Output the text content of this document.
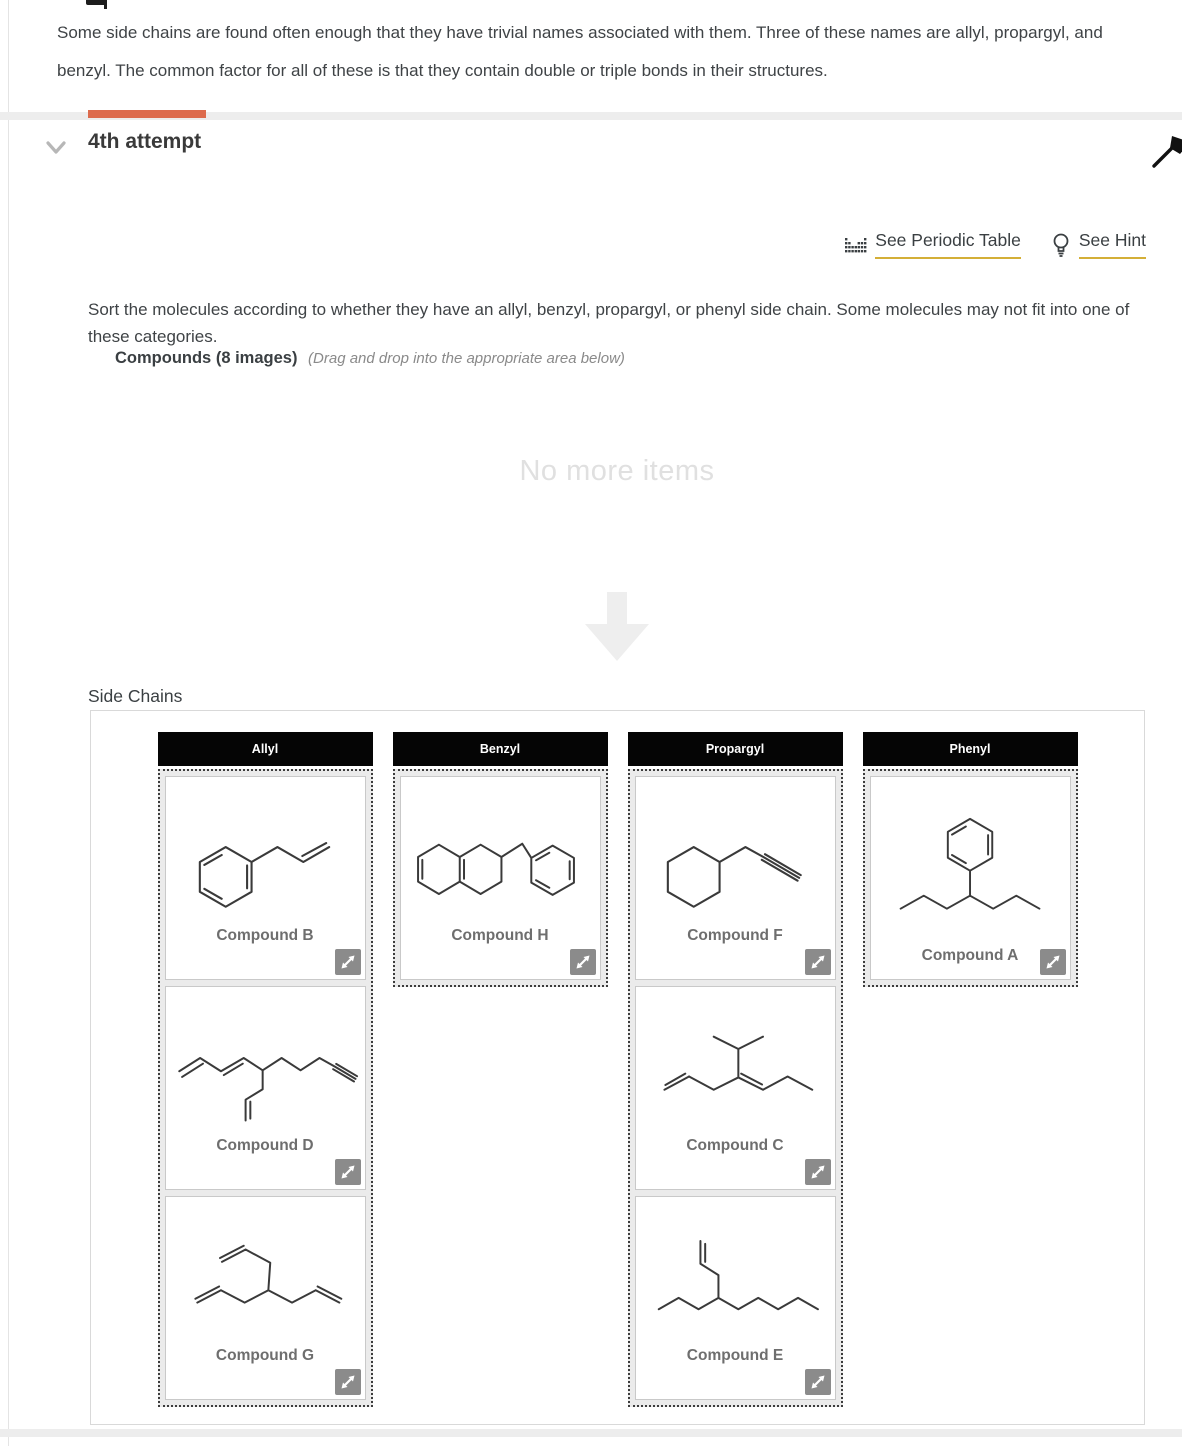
Some side chains are found often enough that they have trivial names associated with them. Three of these names are allyl, propargyl, and benzyl. The common factor for all of these is that they contain double or triple bonds in their structures.

4th attempt
See Periodic Table	See Hint

Sort the molecules according to whether they have an allyl, benzyl, propargyl, or phenyl side chain. Some molecules may not fit into one of these categories.

Compounds (8 images) (Drag and drop into the appropriate area below)
No more items
Side Chains
Allyl
Compound B
Compound D
Compound G
Benzyl
Compound H
Propargyl
Compound F
Compound C
Compound E
Phenyl
Compound A
